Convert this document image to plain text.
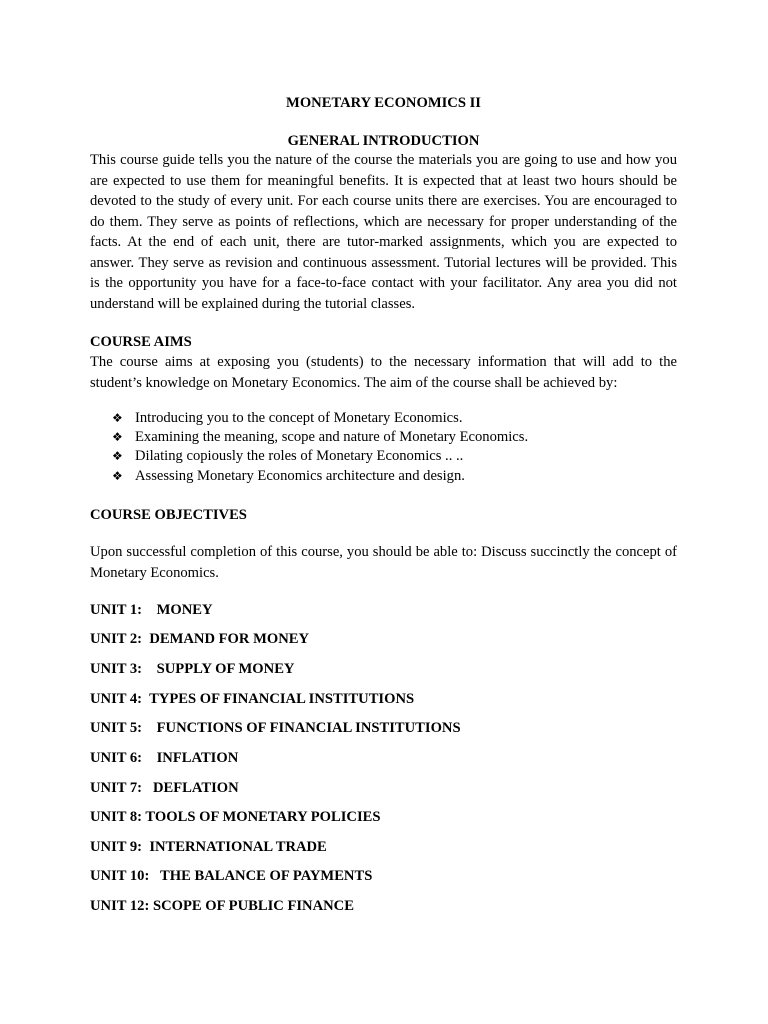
MONETARY ECONOMICS II
GENERAL INTRODUCTION

This course guide tells you the nature of the course the materials you are going to use and how you are expected to use them for meaningful benefits. It is expected that at least two hours should be devoted to the study of every unit. For each course units there are exercises. You are encouraged to do them. They serve as points of reflections, which are necessary for proper understanding of the facts. At the end of each unit, there are tutor-marked assignments, which you are expected to answer. They serve as revision and continuous assessment. Tutorial lectures will be provided. This is the opportunity you have for a face-to-face contact with your facilitator. Any area you did not understand will be explained during the tutorial classes.

COURSE AIMS

The course aims at exposing you (students) to the necessary information that will add to the student’s knowledge on Monetary Economics. The aim of the course shall be achieved by:

❖ Introducing you to the concept of Monetary Economics.
❖ Examining the meaning, scope and nature of Monetary Economics.
❖ Dilating copiously the roles of Monetary Economics .. ..
❖ Assessing Monetary Economics architecture and design.
COURSE OBJECTIVES

Upon successful completion of this course, you should be able to: Discuss succinctly the concept of Monetary Economics.

UNIT 1:    MONEY
UNIT 2:  DEMAND FOR MONEY
UNIT 3:    SUPPLY OF MONEY
UNIT 4:  TYPES OF FINANCIAL INSTITUTIONS
UNIT 5:    FUNCTIONS OF FINANCIAL INSTITUTIONS
UNIT 6:    INFLATION
UNIT 7:   DEFLATION
UNIT 8: TOOLS OF MONETARY POLICIES
UNIT 9:  INTERNATIONAL TRADE
UNIT 10:   THE BALANCE OF PAYMENTS
UNIT 12: SCOPE OF PUBLIC FINANCE
